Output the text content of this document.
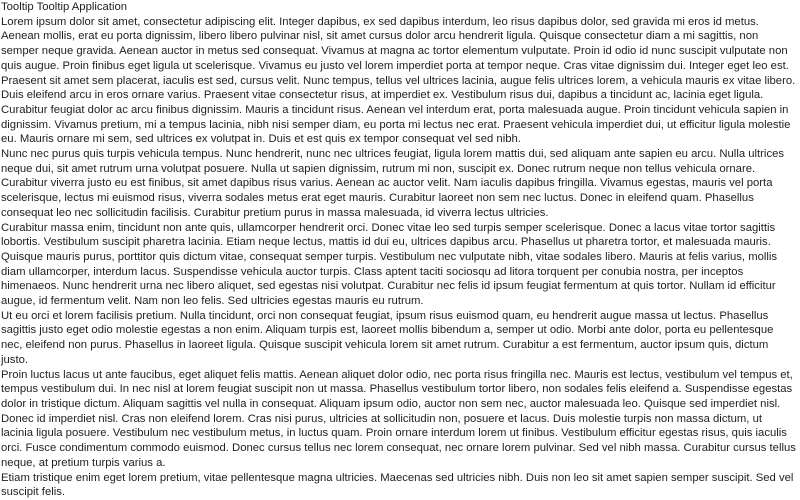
Tooltip Tooltip Application

Lorem ipsum dolor sit amet, consectetur adipiscing elit. Integer dapibus, ex sed dapibus interdum, leo risus dapibus dolor, sed gravida mi eros id metus. Aenean mollis, erat eu porta dignissim, libero libero pulvinar nisl, sit amet cursus dolor arcu hendrerit ligula. Quisque consectetur diam a mi sagittis, non semper neque gravida. Aenean auctor in metus sed consequat. Vivamus at magna ac tortor elementum vulputate. Proin id odio id nunc suscipit vulputate non quis augue. Proin finibus eget ligula ut scelerisque. Vivamus eu justo vel lorem imperdiet porta at tempor neque. Cras vitae dignissim dui. Integer eget leo est. Praesent sit amet sem placerat, iaculis est sed, cursus velit. Nunc tempus, tellus vel ultrices lacinia, augue felis ultrices lorem, a vehicula mauris ex vitae libero.

Duis eleifend arcu in eros ornare varius. Praesent vitae consectetur risus, at imperdiet ex. Vestibulum risus dui, dapibus a tincidunt ac, lacinia eget ligula. Curabitur feugiat dolor ac arcu finibus dignissim. Mauris a tincidunt risus. Aenean vel interdum erat, porta malesuada augue. Proin tincidunt vehicula sapien in dignissim. Vivamus pretium, mi a tempus lacinia, nibh nisi semper diam, eu porta mi lectus nec erat. Praesent vehicula imperdiet dui, ut efficitur ligula molestie eu. Mauris ornare mi sem, sed ultrices ex volutpat in. Duis et est quis ex tempor consequat vel sed nibh.

Nunc nec purus quis turpis vehicula tempus. Nunc hendrerit, nunc nec ultrices feugiat, ligula lorem mattis dui, sed aliquam ante sapien eu arcu. Nulla ultrices neque dui, sit amet rutrum urna volutpat posuere. Nulla ut sapien dignissim, rutrum mi non, suscipit ex. Donec rutrum neque non tellus vehicula ornare. Curabitur viverra justo eu est finibus, sit amet dapibus risus varius. Aenean ac auctor velit. Nam iaculis dapibus fringilla. Vivamus egestas, mauris vel porta scelerisque, lectus mi euismod risus, viverra sodales metus erat eget mauris. Curabitur laoreet non sem nec luctus. Donec in eleifend quam. Phasellus consequat leo nec sollicitudin facilisis. Curabitur pretium purus in massa malesuada, id viverra lectus ultricies.

Curabitur massa enim, tincidunt non ante quis, ullamcorper hendrerit orci. Donec vitae leo sed turpis semper scelerisque. Donec a lacus vitae tortor sagittis lobortis. Vestibulum suscipit pharetra lacinia. Etiam neque lectus, mattis id dui eu, ultrices dapibus arcu. Phasellus ut pharetra tortor, et malesuada mauris. Quisque mauris purus, porttitor quis dictum vitae, consequat semper turpis. Vestibulum nec vulputate nibh, vitae sodales libero. Mauris at felis varius, mollis diam ullamcorper, interdum lacus. Suspendisse vehicula auctor turpis. Class aptent taciti sociosqu ad litora torquent per conubia nostra, per inceptos himenaeos. Nunc hendrerit urna nec libero aliquet, sed egestas nisi volutpat. Curabitur nec felis id ipsum feugiat fermentum at quis tortor. Nullam id efficitur augue, id fermentum velit. Nam non leo felis. Sed ultricies egestas mauris eu rutrum.

Ut eu orci et lorem facilisis pretium. Nulla tincidunt, orci non consequat feugiat, ipsum risus euismod quam, eu hendrerit augue massa ut lectus. Phasellus sagittis justo eget odio molestie egestas a non enim. Aliquam turpis est, laoreet mollis bibendum a, semper ut odio. Morbi ante dolor, porta eu pellentesque nec, eleifend non purus. Phasellus in laoreet ligula. Quisque suscipit vehicula lorem sit amet rutrum. Curabitur a est fermentum, auctor ipsum quis, dictum justo.

Proin luctus lacus ut ante faucibus, eget aliquet felis mattis. Aenean aliquet dolor odio, nec porta risus fringilla nec. Mauris est lectus, vestibulum vel tempus et, tempus vestibulum dui. In nec nisl at lorem feugiat suscipit non ut massa. Phasellus vestibulum tortor libero, non sodales felis eleifend a. Suspendisse egestas dolor in tristique dictum. Aliquam sagittis vel nulla in consequat. Aliquam ipsum odio, auctor non sem nec, auctor malesuada leo. Quisque sed imperdiet nisl.

Donec id imperdiet nisl. Cras non eleifend lorem. Cras nisi purus, ultricies at sollicitudin non, posuere et lacus. Duis molestie turpis non massa dictum, ut lacinia ligula posuere. Vestibulum nec vestibulum metus, in luctus quam. Proin ornare interdum lorem ut finibus. Vestibulum efficitur egestas risus, quis iaculis orci. Fusce condimentum commodo euismod. Donec cursus tellus nec lorem consequat, nec ornare lorem pulvinar. Sed vel nibh massa. Curabitur cursus tellus neque, at pretium turpis varius a.

Etiam tristique enim eget lorem pretium, vitae pellentesque magna ultricies. Maecenas sed ultricies nibh. Duis non leo sit amet sapien semper suscipit. Sed vel suscipit felis.
